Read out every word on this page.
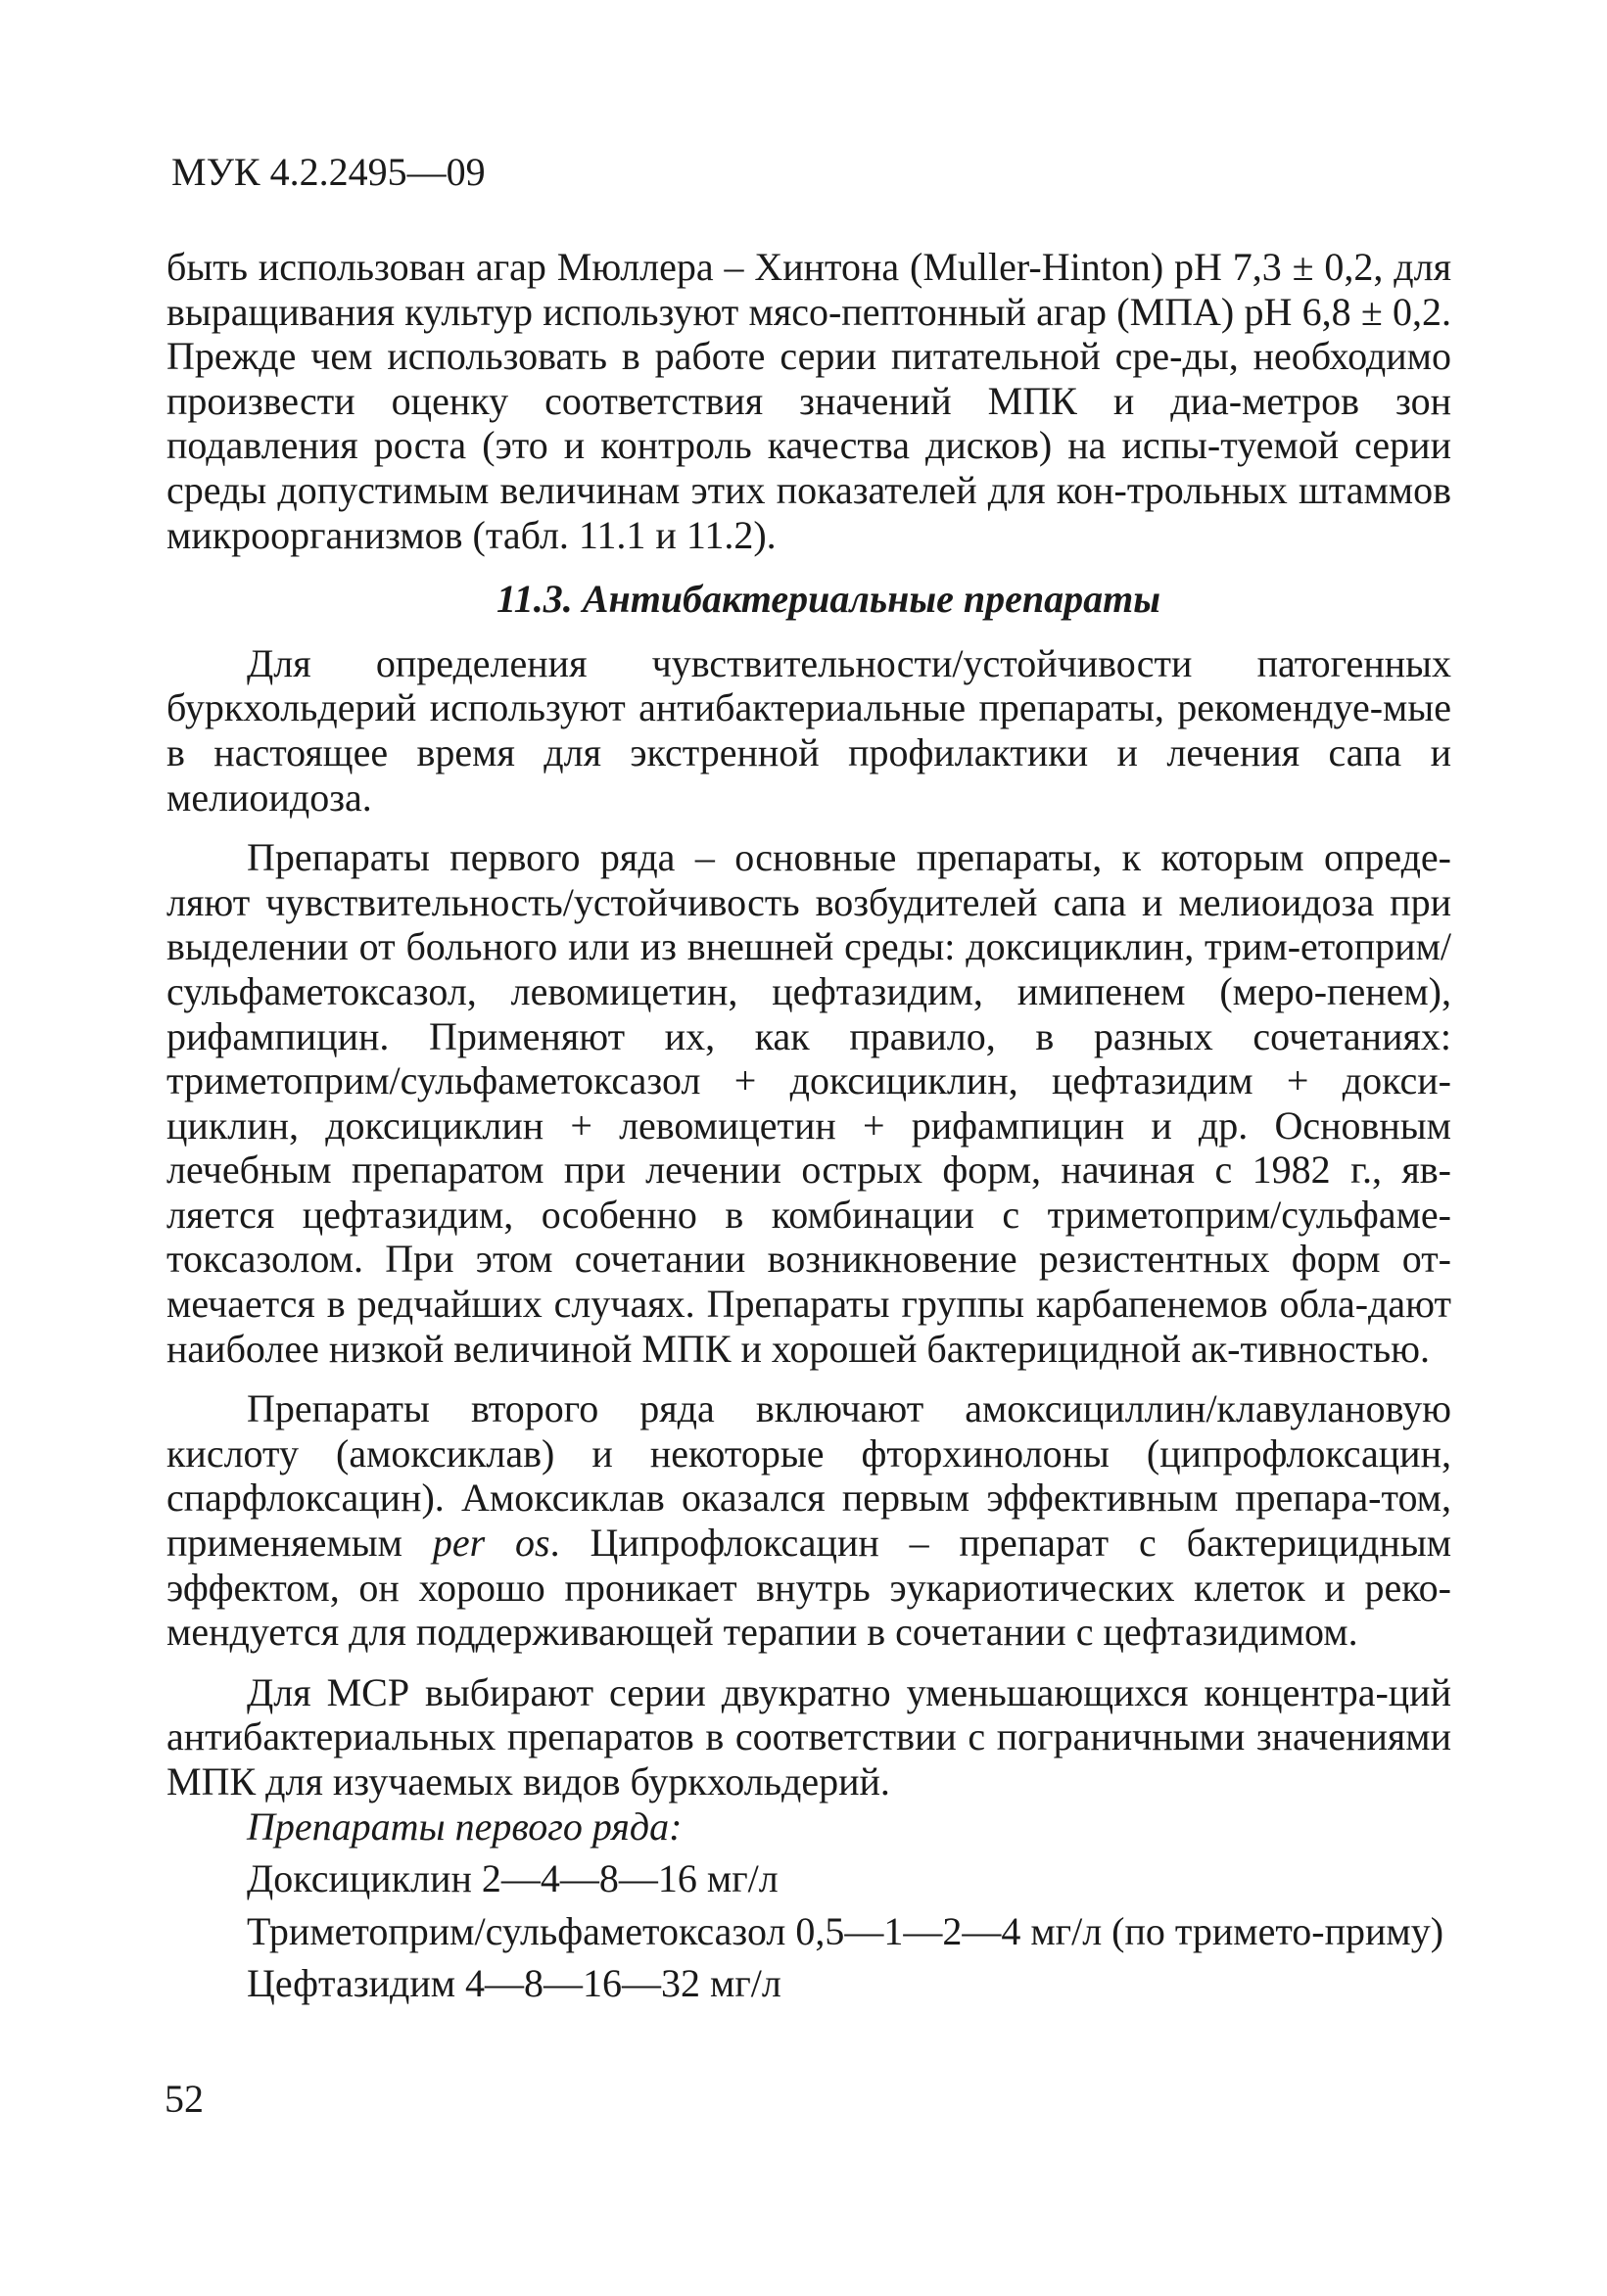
МУК 4.2.2495—09

быть использован агар Мюллера – Хинтона (Muller-Hinton) pH 7,3 ± 0,2, для выращивания культур используют мясо-пептонный агар (МПА) pH 6,8 ± 0,2. Прежде чем использовать в работе серии питательной сре-ды, необходимо произвести оценку соответствия значений МПК и диа-метров зон подавления роста (это и контроль качества дисков) на испы-туемой серии среды допустимым величинам этих показателей для кон-трольных штаммов микроорганизмов (табл. 11.1 и 11.2).

11.3. Антибактериальные препараты

Для определения чувствительности/устойчивости патогенных буркхольдерий используют антибактериальные препараты, рекомендуе-мые в настоящее время для экстренной профилактики и лечения сапа и мелиоидоза.

Препараты первого ряда – основные препараты, к которым опреде-ляют чувствительность/устойчивость возбудителей сапа и мелиоидоза при выделении от больного или из внешней среды: доксициклин, трим-етоприм/сульфаметоксазол, левомицетин, цефтазидим, имипенем (меро-пенем), рифампицин. Применяют их, как правило, в разных сочетаниях: триметоприм/сульфаметоксазол + доксициклин, цефтазидим + докси-циклин, доксициклин + левомицетин + рифампицин и др. Основным лечебным препаратом при лечении острых форм, начиная с 1982 г., яв-ляется цефтазидим, особенно в комбинации с триметоприм/сульфаме-токсазолом. При этом сочетании возникновение резистентных форм от-мечается в редчайших случаях. Препараты группы карбапенемов обла-дают наиболее низкой величиной МПК и хорошей бактерицидной ак-тивностью.

Препараты второго ряда включают амоксициллин/клавулановую кислоту (амоксиклав) и некоторые фторхинолоны (ципрофлоксацин, спарфлоксацин). Амоксиклав оказался первым эффективным препара-том, применяемым per os. Ципрофлоксацин – препарат с бактерицидным эффектом, он хорошо проникает внутрь эукариотических клеток и реко-мендуется для поддерживающей терапии в сочетании с цефтазидимом.

Для МСР выбирают серии двукратно уменьшающихся концентра-ций антибактериальных препаратов в соответствии с пограничными значениями МПК для изучаемых видов буркхольдерий.

Препараты первого ряда:

Доксициклин 2—4—8—16 мг/л

Триметоприм/сульфаметоксазол 0,5—1—2—4 мг/л (по тримето-приму)

Цефтазидим 4—8—16—32 мг/л

52
